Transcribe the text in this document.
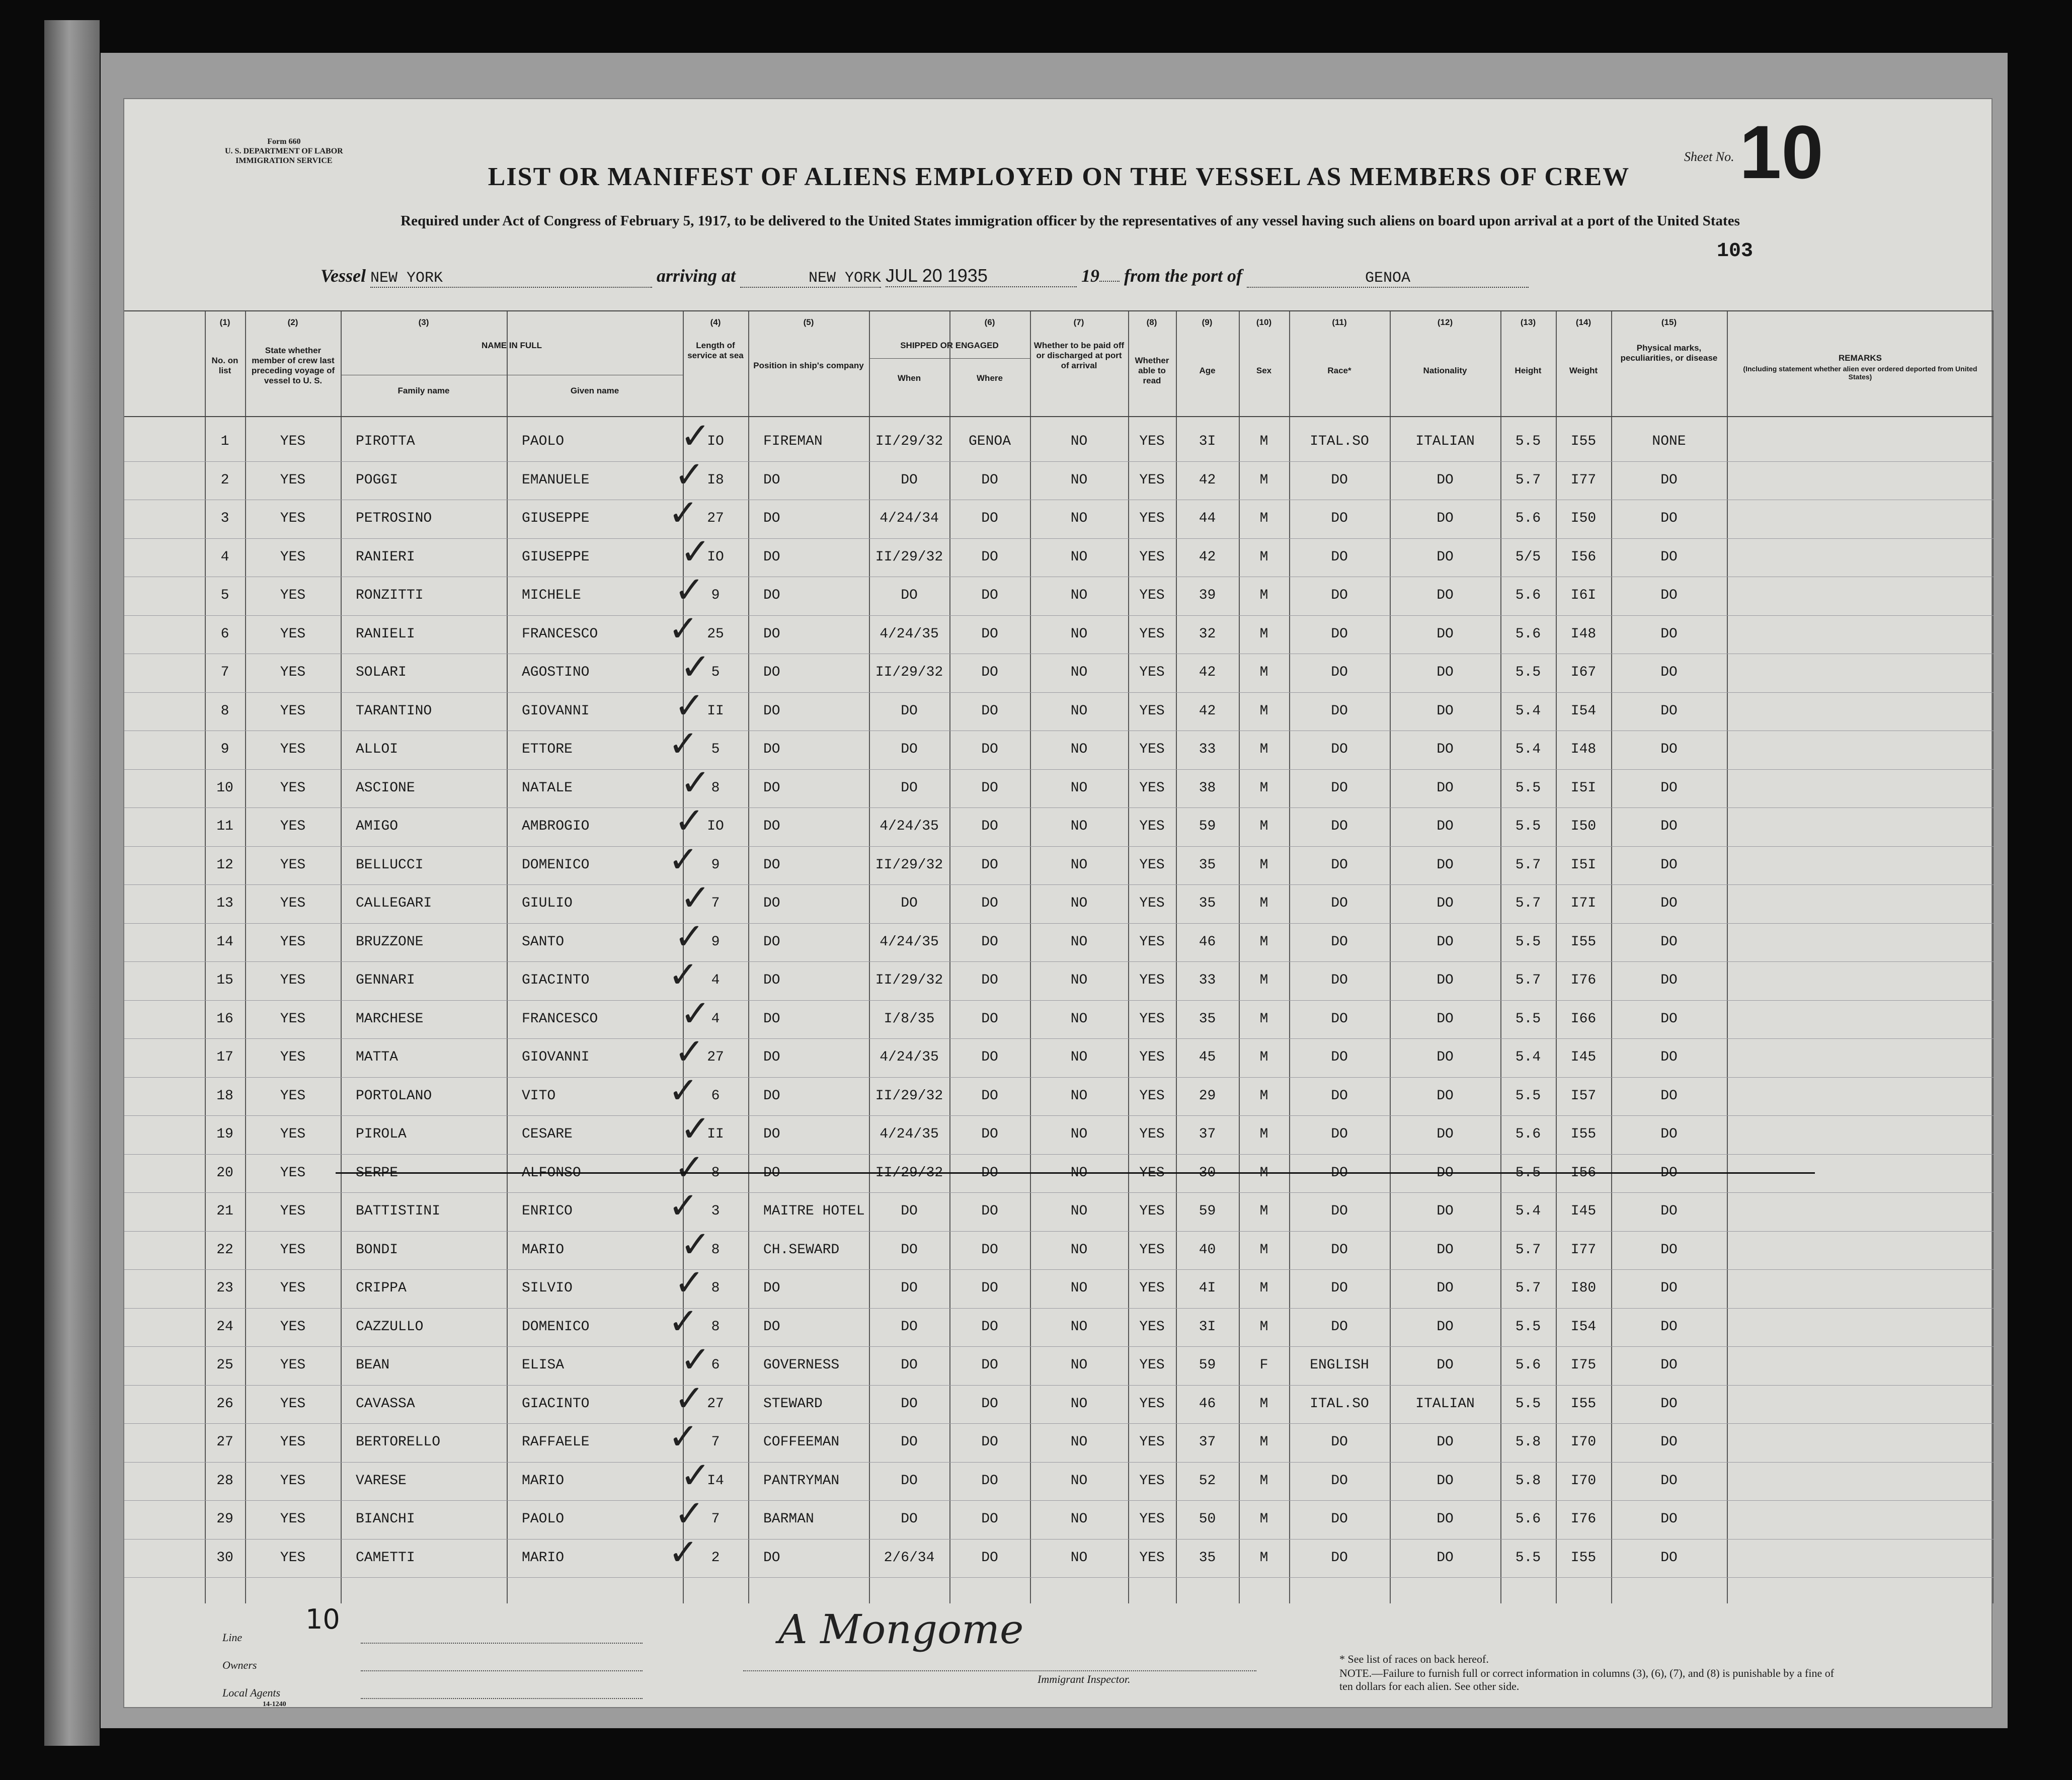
Form 660
U. S. DEPARTMENT OF LABOR
IMMIGRATION SERVICE
LIST OR MANIFEST OF ALIENS EMPLOYED ON THE VESSEL AS MEMBERS OF CREW
Required under Act of Congress of February 5, 1917, to be delivered to the United States immigration officer by the representatives of any vessel having such aliens on board upon arrival at a port of the United States
Sheet No. 10
103
Vessel NEW YORK	arriving at	NEW YORK JUL 20 1935	19 from the port of	GENOA
(1)	(2)	(3)	(4)	(5)	(6)	(7)	(8)	(9)	(10)	(11)	(12)	(13)	(14)	(15)
No. on list
State whether member of crew last preceding voyage of vessel to U. S.
NAME IN FULL
Family name	Given name
Length of service at sea
Position in ship's company
SHIPPED OR ENGAGED
When	Where
Whether to be paid off or discharged at port of arrival
Whether able to read
Age	Sex	Race*	Nationality	Height	Weight
Physical marks, peculiarities, or disease	REMARKS
(Including statement whether alien ever ordered deported from United States)
1	YES	PIROTTA	PAOLO	IO	FIREMAN	II/29/32 GENOA	NO	YES 3I	M	ITAL.SO	ITALIAN	5.5 I55	NONE
✓
2	YES	POGGI	EMANUELE	I8	DO	DO	DO	NO	YES 42	M	DO	DO	5.7 I77	DO
✓
3	YES	PETROSINO	GIUSEPPE	27	DO	4/24/34	DO	NO	YES 44	M	DO	DO	5.6 I50	DO
✓
4	YES	RANIERI	GIUSEPPE	IO	DO	II/29/32	DO	NO	YES 42	M	DO	DO	5/5 I56	DO
✓
5	YES	RONZITTI	MICHELE	9	DO	DO	DO	NO	YES 39	M	DO	DO	5.6 I6I	DO
✓
6	YES	RANIELI	FRANCESCO	25	DO	4/24/35	DO	NO	YES 32	M	DO	DO	5.6 I48	DO
✓
7	YES	SOLARI	AGOSTINO	5	DO	II/29/32	DO	NO	YES 42	M	DO	DO	5.5 I67	DO
✓
8	YES	TARANTINO	GIOVANNI	II	DO	DO	DO	NO	YES 42	M	DO	DO	5.4 I54	DO
✓
9	YES	ALLOI	ETTORE	5	DO	DO	DO	NO	YES 33	M	DO	DO	5.4 I48	DO
✓
10	YES	ASCIONE	NATALE	8	DO	DO	DO	NO	YES 38	M	DO	DO	5.5 I5I	DO
✓
11	YES	AMIGO	AMBROGIO	IO	DO	4/24/35	DO	NO	YES 59	M	DO	DO	5.5 I50	DO
✓
12	YES	BELLUCCI	DOMENICO	9	DO	II/29/32	DO	NO	YES 35	M	DO	DO	5.7 I5I	DO
✓
13	YES	CALLEGARI	GIULIO	7	DO	DO	DO	NO	YES 35	M	DO	DO	5.7 I7I	DO
✓
14	YES	BRUZZONE	SANTO	9	DO	4/24/35	DO	NO	YES 46	M	DO	DO	5.5 I55	DO
✓
15	YES	GENNARI	GIACINTO	4	DO	II/29/32	DO	NO	YES 33	M	DO	DO	5.7 I76	DO
✓
16	YES	MARCHESE	FRANCESCO	4	DO	I/8/35	DO	NO	YES 35	M	DO	DO	5.5 I66	DO
✓
17	YES	MATTA	GIOVANNI	27	DO	4/24/35	DO	NO	YES 45	M	DO	DO	5.4 I45	DO
✓
18	YES	PORTOLANO	VITO	6	DO	II/29/32	DO	NO	YES 29	M	DO	DO	5.5 I57	DO
✓
19	YES	PIROLA	CESARE	II	DO	4/24/35	DO	NO	YES 37	M	DO	DO	5.6 I55	DO
✓
20	YES	SERPE	ALFONSO	8	DO	II/29/32	DO	NO	YES 30	M	DO	DO	5.5 I56	DO
✓
21	YES	BATTISTINI	ENRICO	3	MAITRE HOTEL	DO	DO	NO	YES 59	M	DO	DO	5.4 I45	DO
✓
22	YES	BONDI	MARIO	8	CH.SEWARD	DO	DO	NO	YES 40	M	DO	DO	5.7 I77	DO
✓
23	YES	CRIPPA	SILVIO	8	DO	DO	DO	NO	YES 4I	M	DO	DO	5.7 I80	DO
✓
24	YES	CAZZULLO	DOMENICO	8	DO	DO	DO	NO	YES 3I	M	DO	DO	5.5 I54	DO
✓
25	YES	BEAN	ELISA	6	GOVERNESS	DO	DO	NO	YES 59	F	ENGLISH	DO	5.6 I75	DO
✓
26	YES	CAVASSA	GIACINTO	27	STEWARD	DO	DO	NO	YES 46	M	ITAL.SO	ITALIAN	5.5 I55	DO
✓
27	YES	BERTORELLO	RAFFAELE	7	COFFEEMAN	DO	DO	NO	YES 37	M	DO	DO	5.8 I70	DO
✓
28	YES	VARESE	MARIO	I4	PANTRYMAN	DO	DO	NO	YES 52	M	DO	DO	5.8 I70	DO
✓
29	YES	BIANCHI	PAOLO	7	BARMAN	DO	DO	NO	YES 50	M	DO	DO	5.6 I76	DO
✓
30	YES	CAMETTI	MARIO	2	DO	2/6/34	DO	NO	YES 35	M	DO	DO	5.5 I55	DO
✓
Line
10
Owners
Local Agents
14-1240
A Mongome
Immigrant Inspector.
* See list of races on back hereof.
NOTE.—Failure to furnish full or correct information in columns (3), (6), (7), and (8) is punishable by a fine of ten dollars for each alien. See other side.
